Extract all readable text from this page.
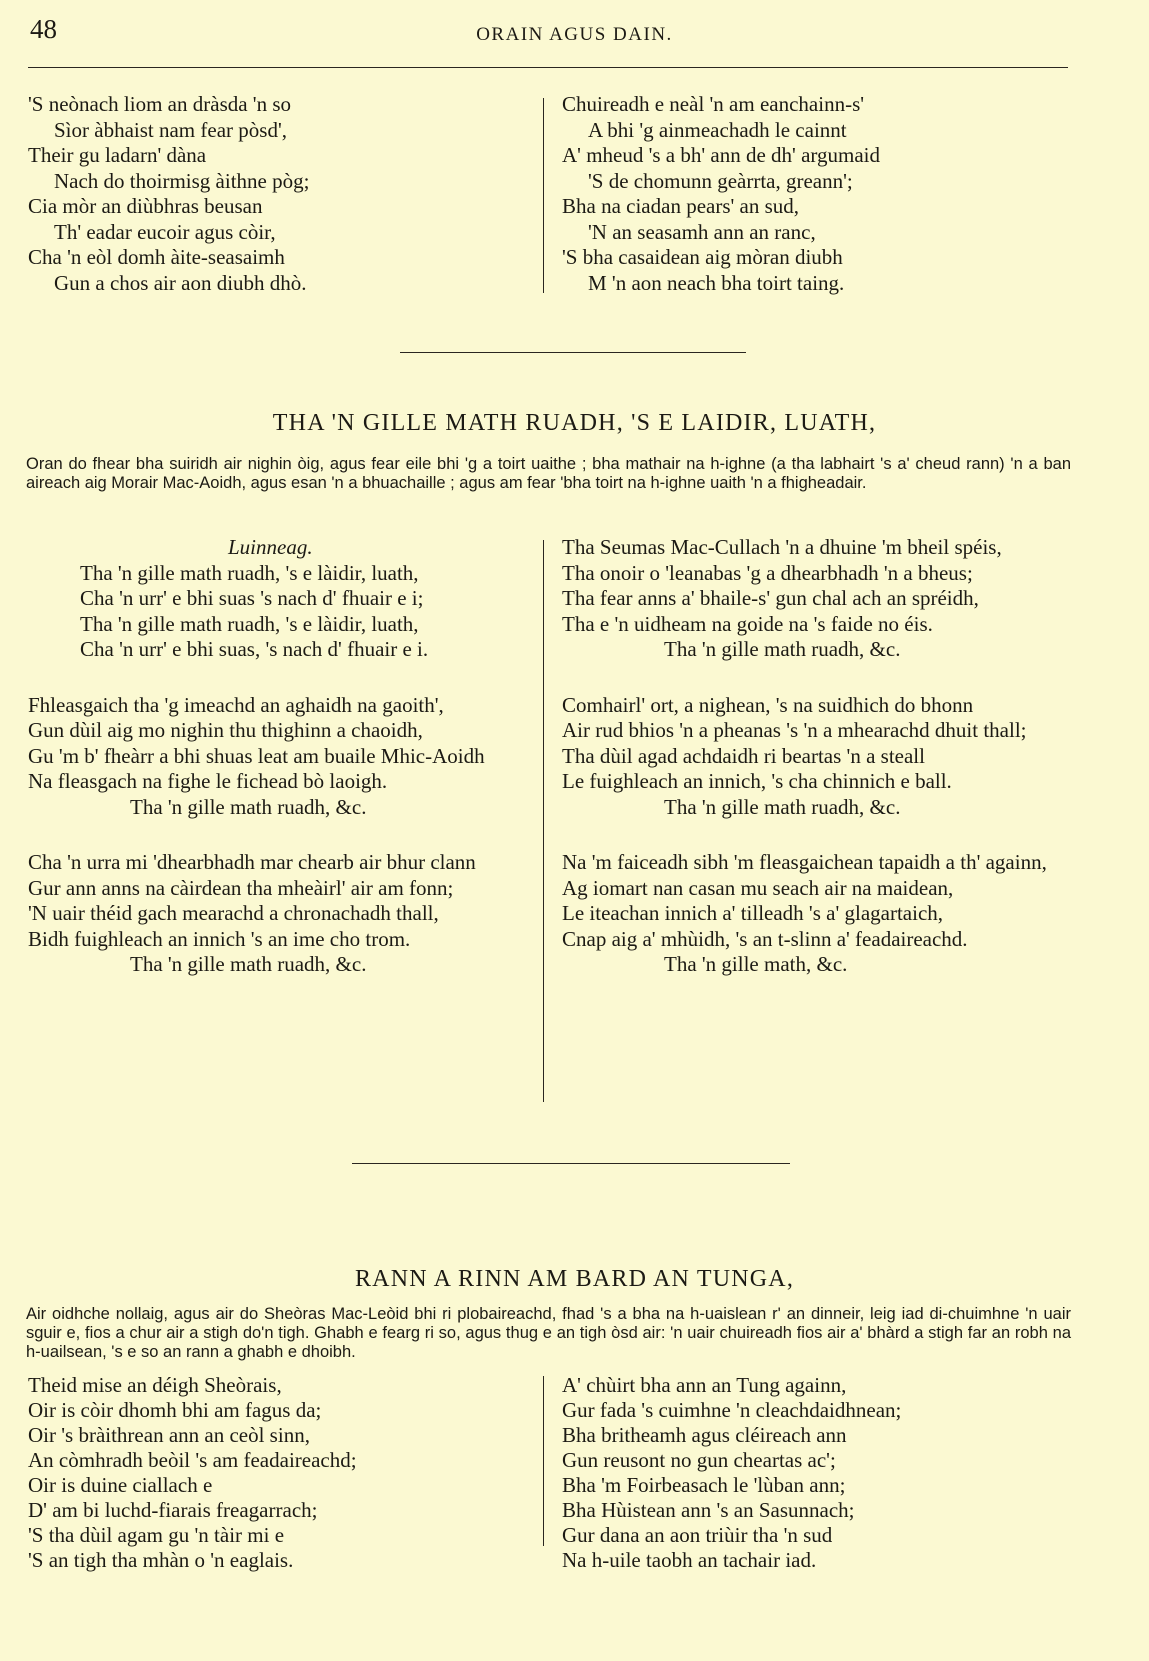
48	ORAIN AGUS DAIN.
'S neònach liom an dràsda 'n so
Sìor àbhaist nam fear pòsd',
Their gu ladarn' dàna
Nach do thoirmisg àithne pòg;
Cia mòr an diùbhras beusan
Th' eadar eucoir agus còir,
Cha 'n eòl domh àite-seasaimh
Gun a chos air aon diubh dhò.
Chuireadh e neàl 'n am eanchainn-s'
A bhi 'g ainmeachadh le cainnt
A' mheud 's a bh' ann de dh' argumaid
'S de chomunn geàrrta, greann';
Bha na ciadan pears' an sud,
'N an seasamh ann an ranc,
'S bha casaidean aig mòran diubh
M 'n aon neach bha toirt taing.
THA 'N GILLE MATH RUADH, 'S E LAIDIR, LUATH,
Oran do fhear bha suiridh air nighin òig, agus fear eile bhi 'g a toirt uaithe ; bha mathair na h-ighne (a tha labhairt 's a' cheud rann) 'n a ban aireach aig Morair Mac-Aoidh, agus esan 'n a bhuachaille ; agus am fear 'bha toirt na h-ighne uaith 'n a fhigheadair.
Luinneag.
Tha 'n gille math ruadh, 's e làidir, luath,
Cha 'n urr' e bhi suas 's nach d' fhuair e i;
Tha 'n gille math ruadh, 's e làidir, luath,
Cha 'n urr' e bhi suas, 's nach d' fhuair e i.
Fhleasgaich tha 'g imeachd an aghaidh na gaoith',
Gun dùil aig mo nighin thu thighinn a chaoidh,
Gu 'm b' fheàrr a bhi shuas leat am buaile Mhic-Aoidh
Na fleasgach na fighe le fichead bò laoigh.
Tha 'n gille math ruadh, &c.
Cha 'n urra mi 'dhearbhadh mar chearb air bhur clann
Gur ann anns na càirdean tha mheàirl' air am fonn;
'N uair théid gach mearachd a chronachadh thall,
Bidh fuighleach an innich 's an ime cho trom.
Tha 'n gille math ruadh, &c.
Tha Seumas Mac-Cullach 'n a dhuine 'm bheil spéis,
Tha onoir o 'leanabas 'g a dhearbhadh 'n a bheus;
Tha fear anns a' bhaile-s' gun chal ach an spréidh,
Tha e 'n uidheam na goide na 's faide no éis.
Tha 'n gille math ruadh, &c.
Comhairl' ort, a nighean, 's na suidhich do bhonn
Air rud bhios 'n a pheanas 's 'n a mhearachd dhuit thall;
Tha dùil agad achdaidh ri beartas 'n a steall
Le fuighleach an innich, 's cha chinnich e ball.
Tha 'n gille math ruadh, &c.
Na 'm faiceadh sibh 'm fleasgaichean tapaidh a th' againn,
Ag iomart nan casan mu seach air na maidean,
Le iteachan innich a' tilleadh 's a' glagartaich,
Cnap aig a' mhùidh, 's an t-slinn a' feadaireachd.
Tha 'n gille math, &c.
RANN A RINN AM BARD AN TUNGA,
Air oidhche nollaig, agus air do Sheòras Mac-Leòid bhi ri plobaireachd, fhad 's a bha na h-uaislean r' an dinneir, leig iad di-chuimhne 'n uair sguir e, fios a chur air a stigh do'n tigh. Ghabh e fearg ri so, agus thug e an tigh òsd air: 'n uair chuireadh fios air a' bhàrd a stigh far an robh na h-uailsean, 's e so an rann a ghabh e dhoibh.
Theid mise an déigh Sheòrais,
Oir is còir dhomh bhi am fagus da;
Oir 's bràithrean ann an ceòl sinn,
An còmhradh beòil 's am feadaireachd;
Oir is duine ciallach e
D' am bi luchd-fiarais freagarrach;
'S tha dùil agam gu 'n tàir mi e
'S an tigh tha mhàn o 'n eaglais.
A' chùirt bha ann an Tung againn,
Gur fada 's cuimhne 'n cleachdaidhnean;
Bha britheamh agus cléireach ann
Gun reusont no gun cheartas ac';
Bha 'm Foirbeasach le 'lùban ann;
Bha Hùistean ann 's an Sasunnach;
Gur dana an aon triùir tha 'n sud
Na h-uile taobh an tachair iad.
